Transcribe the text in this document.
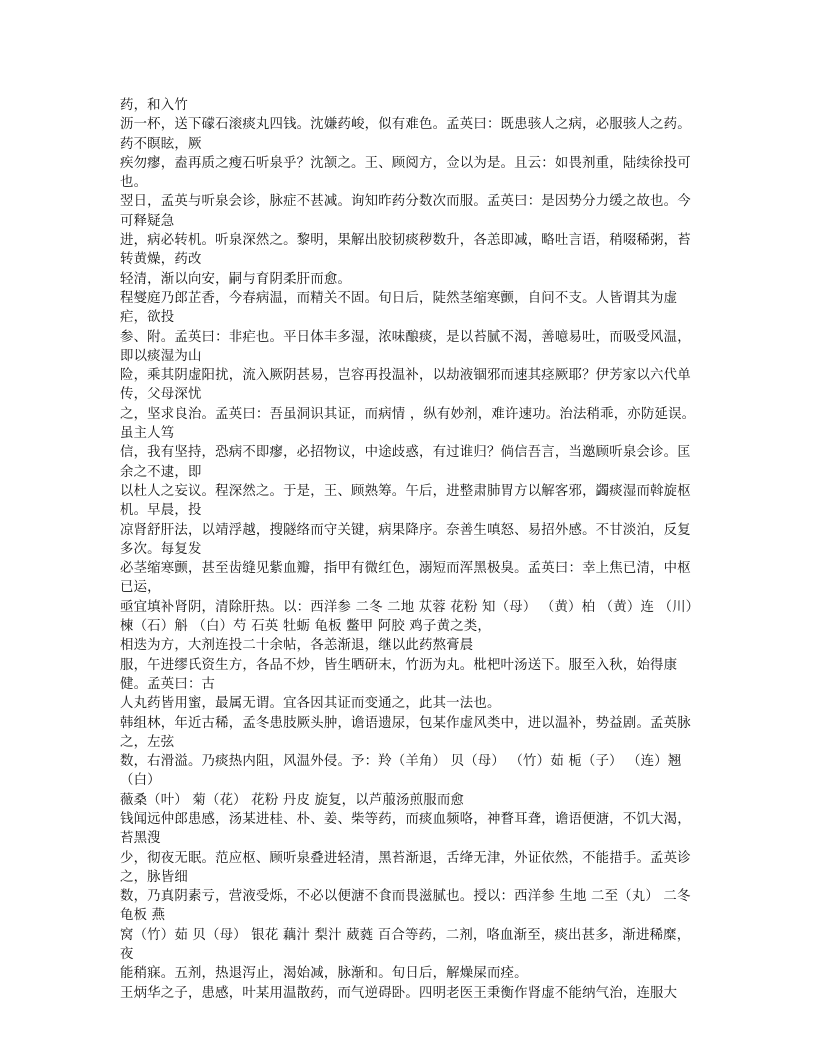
药，和入竹

沥一杯，送下礞石滚痰丸四钱。沈嫌药峻，似有难色。孟英曰：既患骇人之病，必服骇人之药。药不瞑眩，厥

疾勿瘳，盍再质之瘦石听泉乎？沈颔之。王、顾阅方，佥以为是。且云：如畏剂重，陆续徐投可也。

翌日，孟英与听泉会诊，脉症不甚减。询知昨药分数次而服。孟英曰：是因势分力缓之故也。今可释疑急

进，病必转机。听泉深然之。黎明，果解出胶韧痰秽数升，各恙即减，略吐言语，稍啜稀粥，苔转黄燥，药改

轻清，渐以向安，嗣与育阴柔肝而愈。

程燮庭乃郎芷香，今春病温，而精关不固。旬日后，陡然茎缩寒颤，自问不支。人皆谓其为虚疟，欲投

参、附。孟英曰：非疟也。平日体丰多湿，浓味酿痰，是以苔腻不渴，善噫易吐，而吸受风温，即以痰湿为山

险，乘其阴虚阳扰，流入厥阴甚易，岂容再投温补，以劫液锢邪而速其痉厥耶？伊芳家以六代单传，父母深忧

之，坚求良治。孟英曰：吾虽洞识其证，而病情 ，纵有妙剂，难许速功。治法稍乖，亦防延误。虽主人笃

信，我有坚持，恐病不即瘳，必招物议，中途歧惑，有过谁归？倘信吾言，当邀顾听泉会诊。匡余之不逮，即

以杜人之妄议。程深然之。于是，王、顾熟筹。午后，进整肃肺胃方以解客邪，蠲痰湿而斡旋枢机。早晨，投

凉肾舒肝法，以靖浮越，搜隧络而守关键，病果降序。奈善生嗔怒、易招外感。不甘淡泊，反复多次。每复发

必茎缩寒颤，甚至齿缝见紫血瓣，指甲有微红色，溺短而浑黑极臭。孟英曰：幸上焦已清，中枢已运，

亟宜填补肾阴，清除肝热。以：西洋参 二冬 二地 苁蓉 花粉 知（母） （黄）柏 （黄）连 （川）楝（石）斛 （白）芍 石英 牡蛎 龟板 鳖甲 阿胶 鸡子黄之类，

相迭为方，大剂连投二十余帖，各恙渐退，继以此药熬膏晨

服，午进缪氏资生方，各品不炒，皆生晒研末，竹沥为丸。枇杷叶汤送下。服至入秋，始得康健。孟英曰：古

人丸药皆用蜜，最属无谓。宜各因其证而变通之，此其一法也。

韩组林，年近古稀，孟冬患肢厥头肿，谵语遗尿，包某作虚风类中，进以温补，势益剧。孟英脉之，左弦

数，右滑溢。乃痰热内阻，风温外侵。予：羚（羊角） 贝（母） （竹）茹 栀（子） （连）翘 （白）

薇桑（叶） 菊（花） 花粉 丹皮 旋复，以芦菔汤煎服而愈

钱闻远仲郎患感，汤某进桂、朴、姜、柴等药，而痰血频咯，神瞀耳聋，谵语便溏，不饥大渴，苔黑溲

少，彻夜无眠。范应枢、顾听泉叠进轻清，黑苔渐退，舌绛无津，外证依然，不能措手。孟英诊之，脉皆细

数，乃真阴素亏，营液受烁，不必以便溏不食而畏滋腻也。授以：西洋参 生地 二至（丸） 二冬 龟板 燕

窝（竹）茹 贝（母） 银花 藕汁 梨汁 葳蕤 百合等药，二剂，咯血渐至，痰出甚多，渐进稀糜，夜

能稍寐。五剂，热退泻止，渴始减，脉渐和。旬日后，解燥屎而痊。

王炳华之子，患感，叶某用温散药，而气逆碍卧。四明老医王秉衡作肾虚不能纳气治，连服大
